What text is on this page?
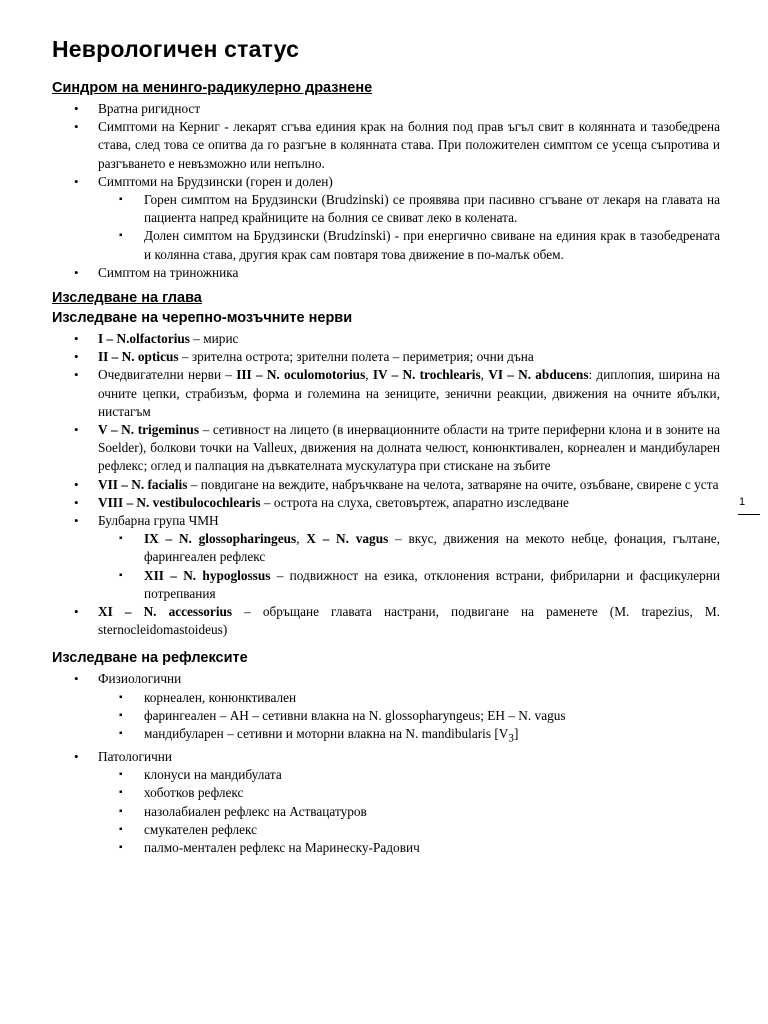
Неврологичен статус
Синдром на менинго-радикулерно дразнене
• Вратна ригидност
• Симптоми на Керниг - лекарят сгъва единия крак на болния под прав ъгъл свит в колянната и тазобедрена става, след това се опитва да го разгъне в колянната става. При положителен симптом се усеща съпротива и разгъването е невъзможно или непълно.
• Симптоми на Брудзински (горен и долен)
▪ Горен симптом на Брудзински (Brudzinski) се проявява при пасивно сгъване от лекаря на главата на пациента напред крайниците на болния се свиват леко в колената.
▪ Долен симптом на Брудзински (Brudzinski) - при енергично свиване на единия крак в тазобедрената и колянна става, другия крак сам повтаря това движение в по-малък обем.
• Симптом на триножника
Изследване на глава
Изследване на черепно-мозъчните нерви
• I – N.olfactorius – мирис
• II – N. opticus – зрителна острота; зрителни полета – периметрия; очни дъна
• Очедвигателни нерви – III – N. oculomotorius, IV – N. trochlearis, VI – N. abducens: диплопия, ширина на очните цепки, страбизъм, форма и големина на зениците, зенични реакции, движения на очните ябълки, нистагъм
• V – N. trigeminus – сетивност на лицето (в инервационните области на трите периферни клона и в зоните на Soelder), болкови точки на Valleux, движения на долната челюст, конюнктивален, корнеален и мандибуларен рефлекс; оглед и палпация на дъвкателната мускулатура при стискане на зъбите
• VII – N. facialis – повдигане на веждите, набръчкване на челота, затваряне на очите, озъбване, свирене с уста
• VIII – N. vestibulocochlearis – острота на слуха, световъртеж, апаратно изследване
• Булбарна група ЧМН
▪ IX – N. glossopharingeus, X – N. vagus – вкус, движения на мекото небце, фонация, гълтане, фарингеален рефлекс
▪ XII – N. hypoglossus – подвижност на езика, отклонения встрани, фибриларни и фасцикулерни потрепвания
• XI – N. accessorius – обръщане главата настрани, подвигане на раменете (M. trapezius, M. sternocleidomastoideus)
Изследване на рефлексите
• Физиологични
▪ корнеален, конюнктивален
▪ фарингеален – АН – сетивни влакна на N. glossopharyngeus; ЕН – N. vagus
▪ мандибуларен – сетивни и моторни влакна на N. mandibularis $[V_3]$
• Патологични
▪ клонуси на мандибулата
▪ хоботков рефлекс
▪ назолабиален рефлекс на Аствацатуров
▪ смукателен рефлекс
▪ палмо-ментален рефлекс на Маринеску-Радович
1
